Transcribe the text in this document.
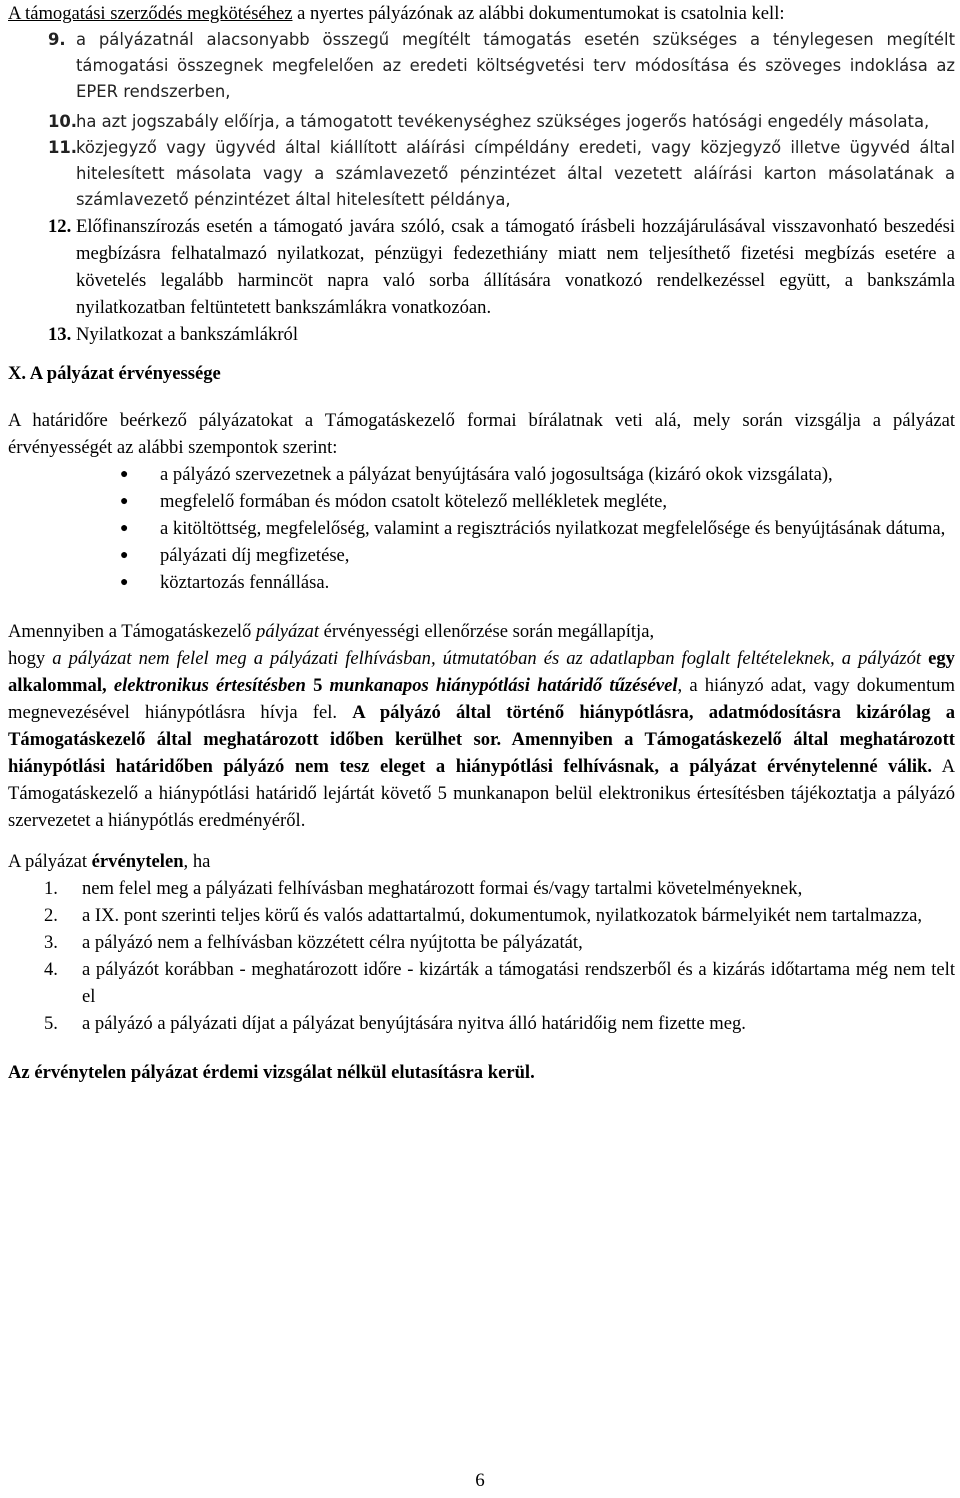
A támogatási szerződés megkötéséhez a nyertes pályázónak az alábbi dokumentumokat is csatolnia kell:

9. a pályázatnál alacsonyabb összegű megítélt támogatás esetén szükséges a ténylegesen megítélt támogatási összegnek megfelelően az eredeti költségvetési terv módosítása és szöveges indoklása az EPER rendszerben,
10.
ha azt jogszabály előírja, a támogatott tevékenységhez szükséges jogerős hatósági engedély másolata,
11.
közjegyző vagy ügyvéd által kiállított aláírási címpéldány eredeti, vagy közjegyző illetve ügyvéd által hitelesített másolata vagy a számlavezető pénzintézet által vezetett aláírási karton másolatának a számlavezető pénzintézet által hitelesített példánya,
12. Előfinanszírozás esetén a támogató javára szóló, csak a támogató írásbeli hozzájárulásával visszavonható beszedési megbízásra felhatalmazó nyilatkozat, pénzügyi fedezethiány miatt nem teljesíthető fizetési megbízás esetére a követelés legalább harmincöt napra való sorba állítására vonatkozó rendelkezéssel együtt, a bankszámla nyilatkozatban feltüntetett bankszámlákra vonatkozóan.
13. Nyilatkozat a bankszámlákról

X. A pályázat érvényessége

A határidőre beérkező pályázatokat a Támogatáskezelő formai bírálatnak veti alá, mely során vizsgálja a pályázat érvényességét az alábbi szempontok szerint:

●	a pályázó szervezetnek a pályázat benyújtására való jogosultsága (kizáró okok vizsgálata),
●	megfelelő formában és módon csatolt kötelező mellékletek megléte,
●	a kitöltöttség, megfelelőség, valamint a regisztrációs nyilatkozat megfelelősége és benyújtásának dátuma,
●	pályázati díj megfizetése,
●	köztartozás fennállása.

Amennyiben a Támogatáskezelő pályázat érvényességi ellenőrzése során megállapítja,
hogy a pályázat nem felel meg a pályázati felhívásban, útmutatóban és az adatlapban foglalt feltételeknek, a pályázót egy alkalommal, elektronikus értesítésben 5 munkanapos hiánypótlási határidő tűzésével, a hiányzó adat, vagy dokumentum megnevezésével hiánypótlásra hívja fel. A pályázó által történő hiánypótlásra, adatmódosításra kizárólag a Támogatáskezelő által meghatározott időben kerülhet sor. Amennyiben a Támogatáskezelő által meghatározott hiánypótlási határidőben pályázó nem tesz eleget a hiánypótlási felhívásnak, a pályázat érvénytelenné válik. A Támogatáskezelő a hiánypótlási határidő lejártát követő 5 munkanapon belül elektronikus értesítésben tájékoztatja a pályázó szervezetet a hiánypótlás eredményéről.

A pályázat érvénytelen, ha

1.	nem felel meg a pályázati felhívásban meghatározott formai és/vagy tartalmi követelményeknek,
2.	a IX. pont szerinti teljes körű és valós adattartalmú, dokumentumok, nyilatkozatok bármelyikét nem tartalmazza,
3.	a pályázó nem a felhívásban közzétett célra nyújtotta be pályázatát,
4.	a pályázót korábban - meghatározott időre - kizárták a támogatási rendszerből és a kizárás időtartama még nem telt el
5.	a pályázó a pályázati díjat a pályázat benyújtására nyitva álló határidőig nem fizette meg.

Az érvénytelen pályázat érdemi vizsgálat nélkül elutasításra kerül.

6
